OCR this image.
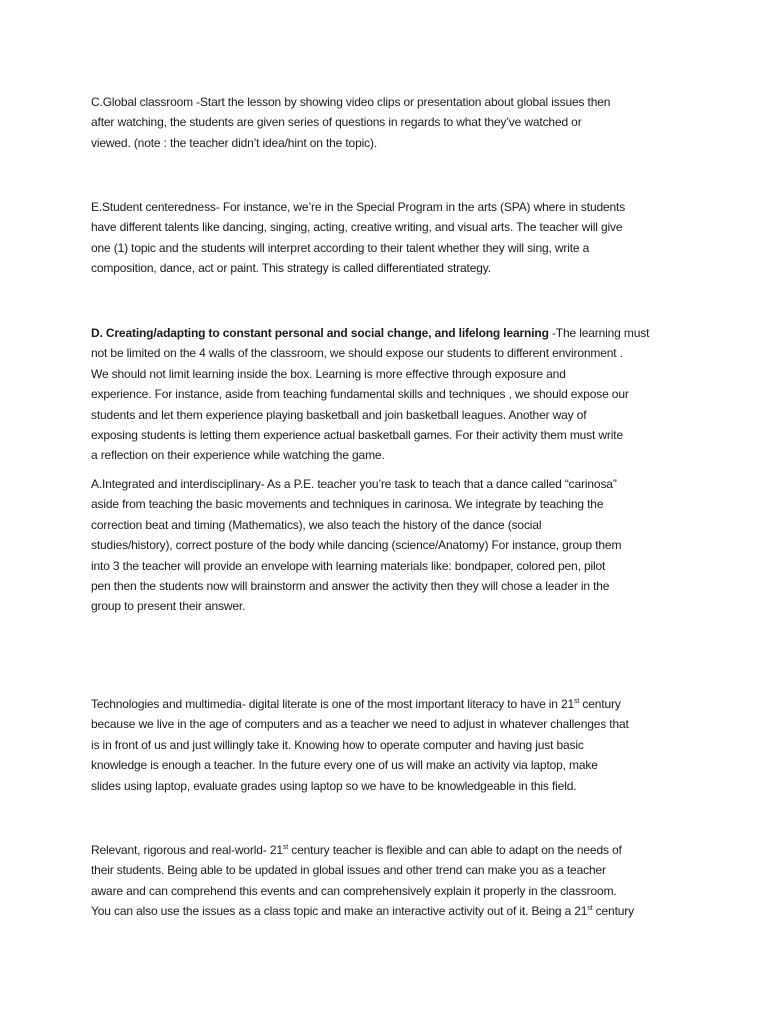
C.Global classroom -Start the lesson by showing video clips or presentation about global issues then

after watching, the students are given series of questions in regards to what they’ve watched or

viewed. (note : the teacher didn’t idea/hint on the topic).

E.Student centeredness- For instance, we’re in the Special Program in the arts (SPA) where in students

have different talents like dancing, singing, acting, creative writing, and visual arts. The teacher will give

one (1) topic and the students will interpret according to their talent whether they will sing, write a

composition, dance, act or paint. This strategy is called differentiated strategy.

D. Creating/adapting to constant personal and social change, and lifelong learning -The learning must

not be limited on the 4 walls of the classroom, we should expose our students to different environment .

We should not limit learning inside the box. Learning is more effective through exposure and

experience. For instance, aside from teaching fundamental skills and techniques , we should expose our

students and let them experience playing basketball and join basketball leagues. Another way of

exposing students is letting them experience actual basketball games. For their activity them must write

a reflection on their experience while watching the game.

A.Integrated and interdisciplinary- As a P.E. teacher you’re task to teach that a dance called “carinosa”

aside from teaching the basic movements and techniques in carinosa. We integrate by teaching the

correction beat and timing (Mathematics), we also teach the history of the dance (social

studies/history), correct posture of the body while dancing (science/Anatomy) For instance, group them

into 3 the teacher will provide an envelope with learning materials like: bondpaper, colored pen, pilot

pen then the students now will brainstorm and answer the activity then they will chose a leader in the

group to present their answer.

Technologies and multimedia- digital literate is one of the most important literacy to have in 21st century

because we live in the age of computers and as a teacher we need to adjust in whatever challenges that

is in front of us and just willingly take it. Knowing how to operate computer and having just basic

knowledge is enough a teacher. In the future every one of us will make an activity via laptop, make

slides using laptop, evaluate grades using laptop so we have to be knowledgeable in this field.

Relevant, rigorous and real-world- 21st century teacher is flexible and can able to adapt on the needs of

their students. Being able to be updated in global issues and other trend can make you as a teacher

aware and can comprehend this events and can comprehensively explain it properly in the classroom.

You can also use the issues as a class topic and make an interactive activity out of it. Being a 21st century
